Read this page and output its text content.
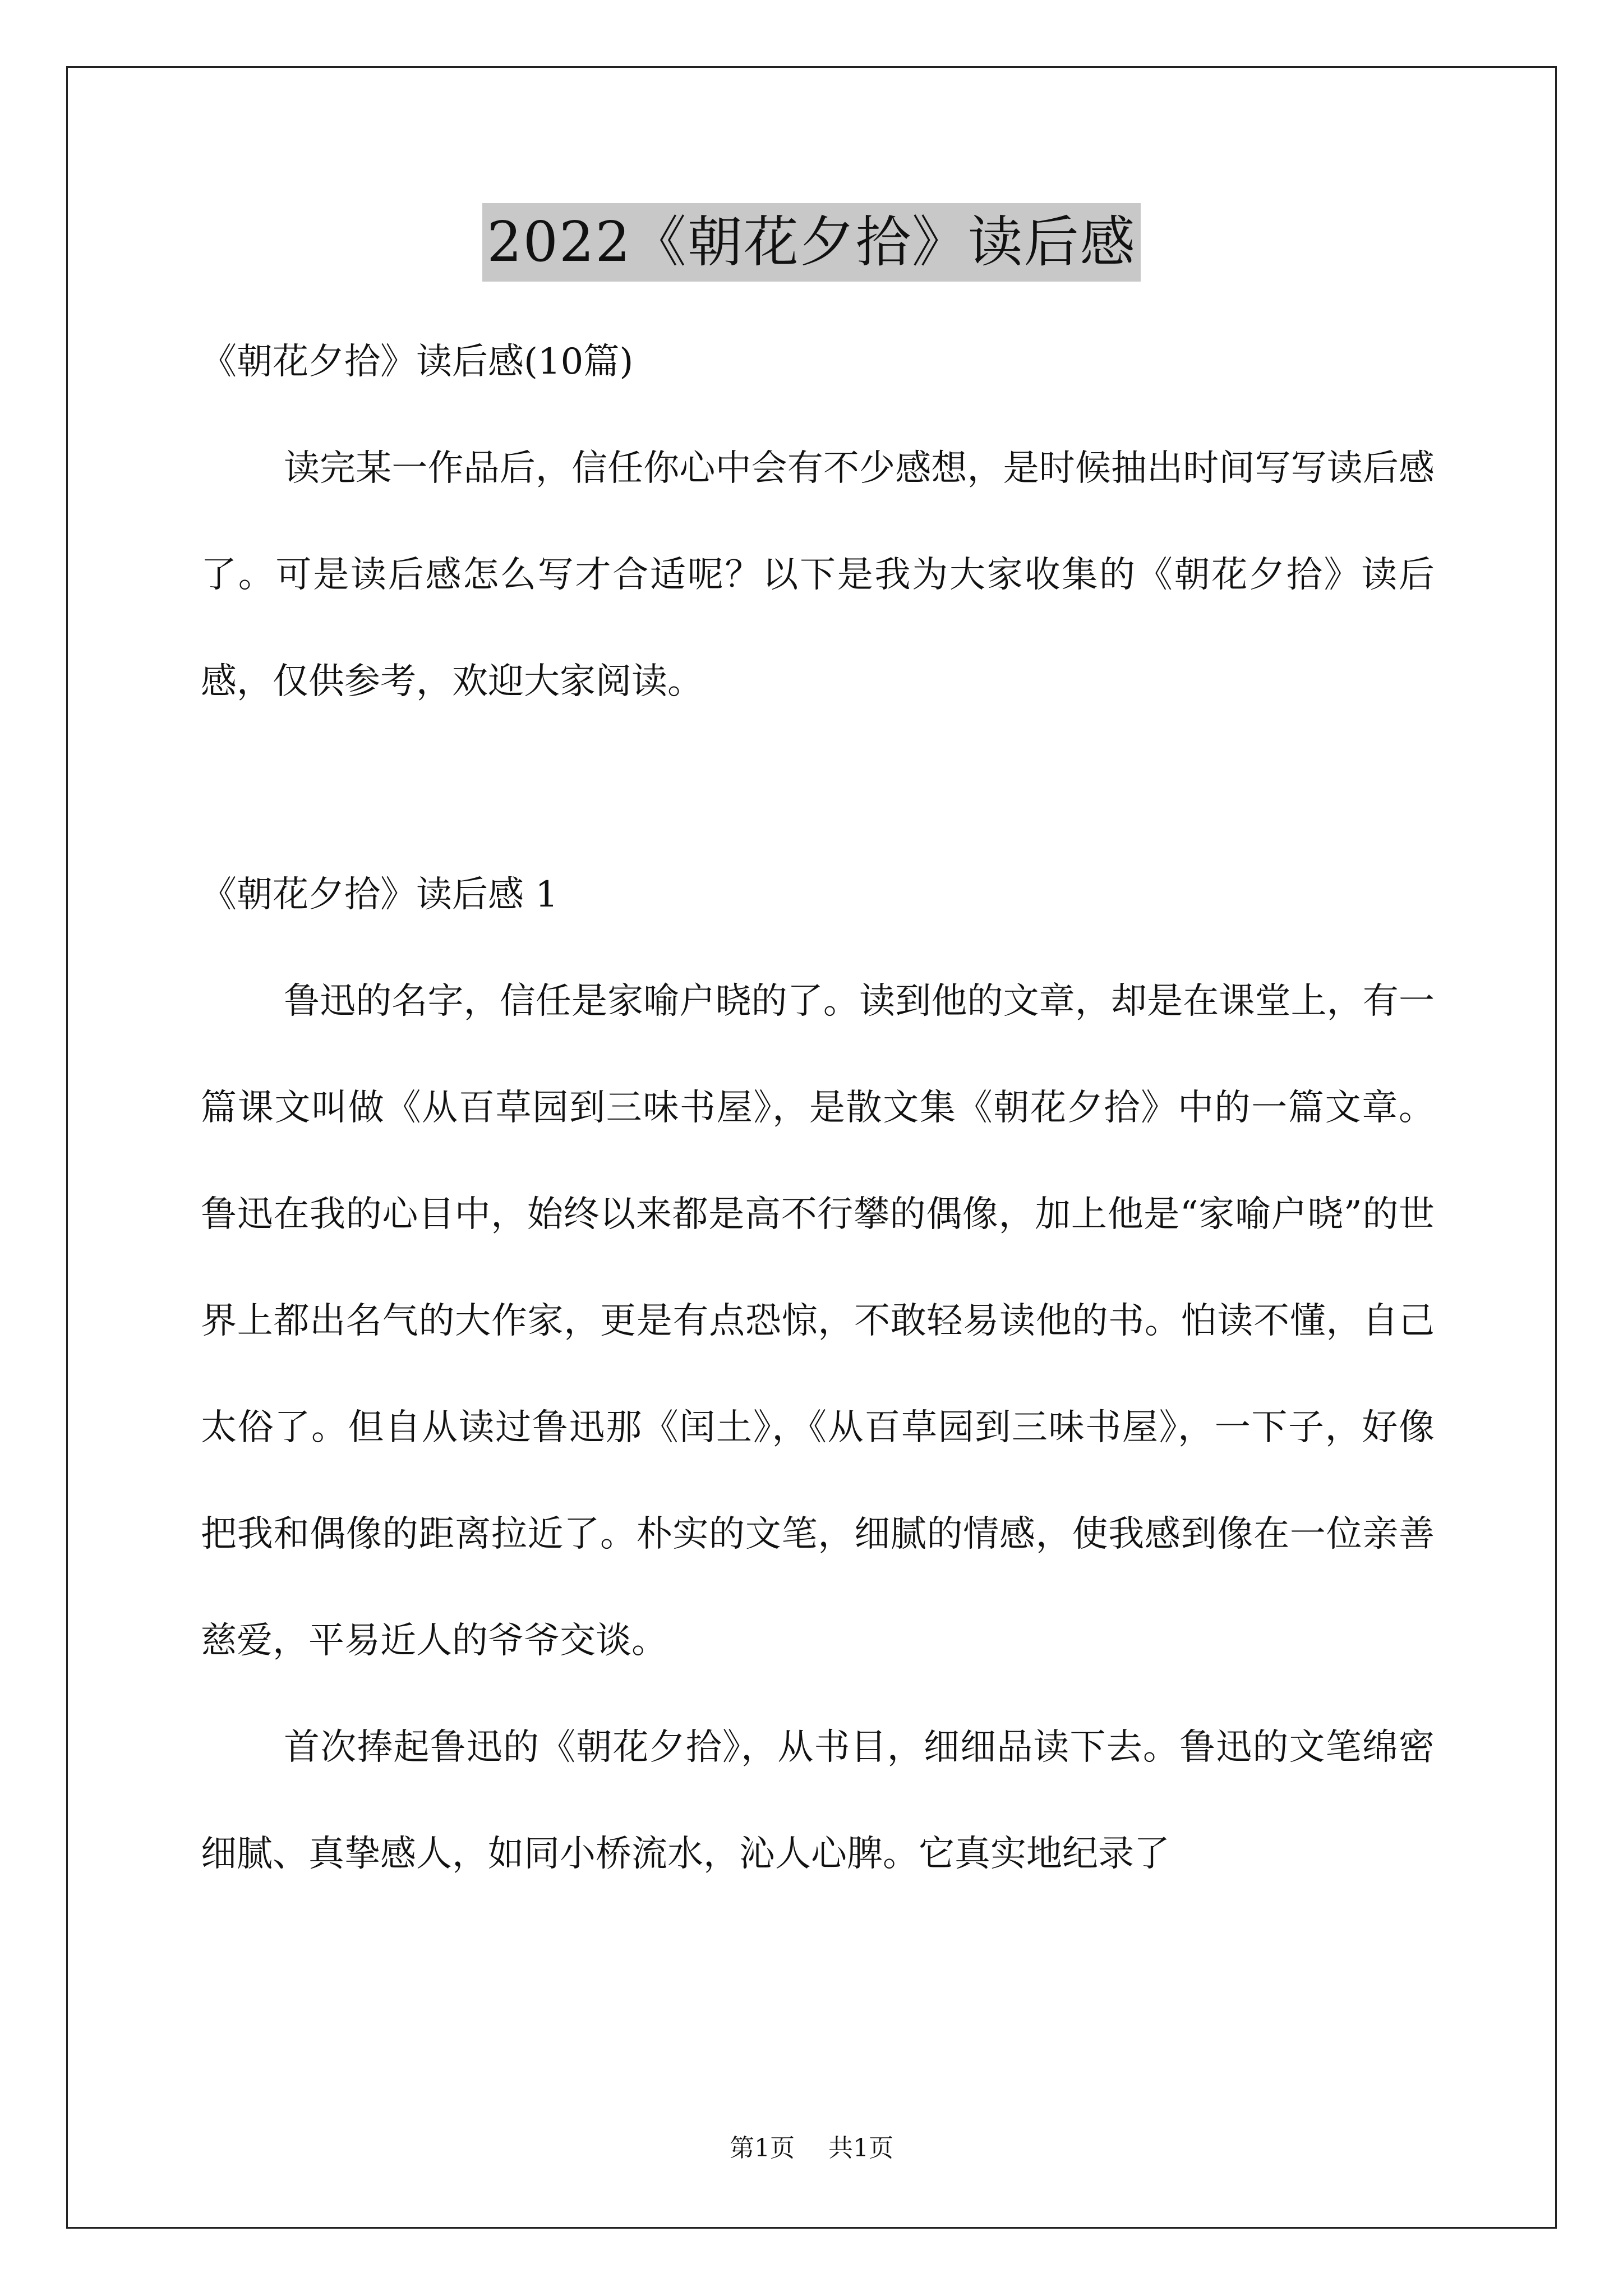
2022《朝花夕拾》读后感

《朝花夕拾》读后感(10篇)

读完某一作品后，信任你心中会有不少感想，是时候抽出时间写写读后感了。可是读后感怎么写才合适呢？以下是我为大家收集的《朝花夕拾》读后感，仅供参考，欢迎大家阅读。

《朝花夕拾》读后感 1

鲁迅的名字，信任是家喻户晓的了。读到他的文章，却是在课堂上，有一篇课文叫做《从百草园到三味书屋》，是散文集《朝花夕拾》中的一篇文章。鲁迅在我的心目中，始终以来都是高不行攀的偶像，加上他是“家喻户晓”的世界上都出名气的大作家，更是有点恐惊，不敢轻易读他的书。怕读不懂，自己太俗了。但自从读过鲁迅那《闰土》，《从百草园到三味书屋》，一下子，好像把我和偶像的距离拉近了。朴实的文笔，细腻的情感，使我感到像在一位亲善慈爱，平易近人的爷爷交谈。

首次捧起鲁迅的《朝花夕拾》，从书目，细细品读下去。鲁迅的文笔绵密细腻、真挚感人，如同小桥流水，沁人心脾。它真实地纪录了

第1页 共1页
